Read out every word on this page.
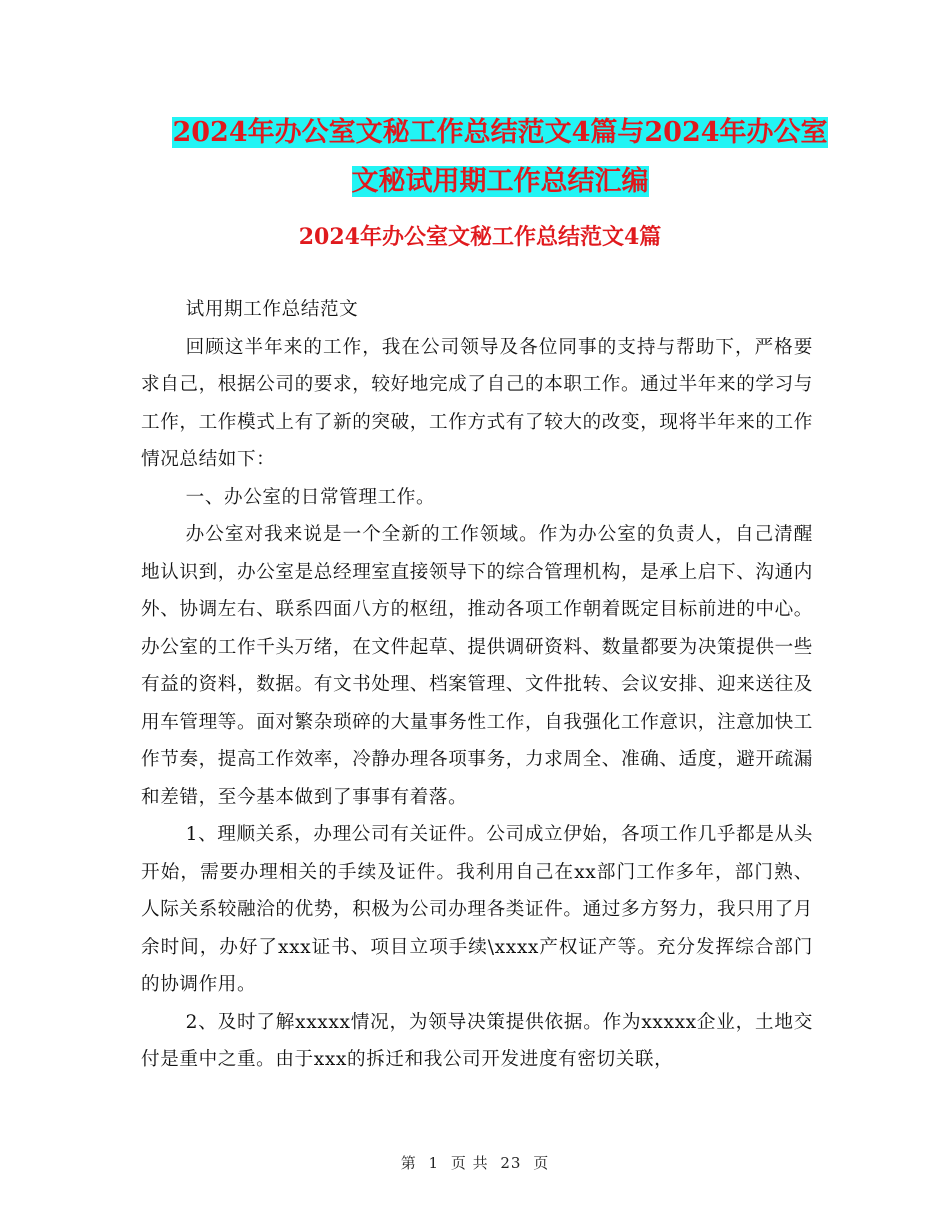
2024年办公室文秘工作总结范文4篇与2024年办公室
文秘试用期工作总结汇编
2024年办公室文秘工作总结范文4篇

试用期工作总结范文

回顾这半年来的工作，我在公司领导及各位同事的支持与帮助下，严格要求自己，根据公司的要求，较好地完成了自己的本职工作。通过半年来的学习与工作，工作模式上有了新的突破，工作方式有了较大的改变，现将半年来的工作情况总结如下：

一、办公室的日常管理工作。

办公室对我来说是一个全新的工作领域。作为办公室的负责人，自己清醒地认识到，办公室是总经理室直接领导下的综合管理机构，是承上启下、沟通内外、协调左右、联系四面八方的枢纽，推动各项工作朝着既定目标前进的中心。办公室的工作千头万绪，在文件起草、提供调研资料、数量都要为决策提供一些有益的资料，数据。有文书处理、档案管理、文件批转、会议安排、迎来送往及用车管理等。面对繁杂琐碎的大量事务性工作，自我强化工作意识，注意加快工作节奏，提高工作效率，冷静办理各项事务，力求周全、准确、适度，避开疏漏和差错，至今基本做到了事事有着落。

1、理顺关系，办理公司有关证件。公司成立伊始，各项工作几乎都是从头开始，需要办理相关的手续及证件。我利用自己在xx部门工作多年，部门熟、人际关系较融洽的优势，积极为公司办理各类证件。通过多方努力，我只用了月余时间，办好了xxx证书、项目立项手续\xxxx产权证产等。充分发挥综合部门的协调作用。

2、及时了解xxxxx情况，为领导决策提供依据。作为xxxxx企业，土地交付是重中之重。由于xxx的拆迁和我公司开发进度有密切关联，

第 1 页 共 23 页
